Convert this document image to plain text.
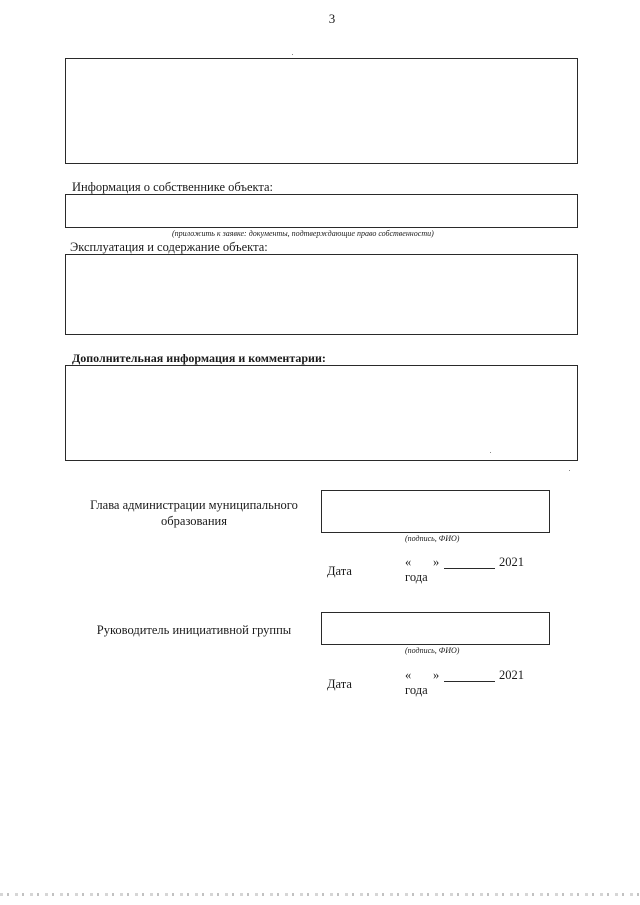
3
Информация о собственнике объекта:
(приложить к заявке: документы, подтверждающие право собственности)
Эксплуатация и содержание объекта:
Дополнительная информация и комментарии:
Глава администрации муниципального образования
(подпись, ФИО)
Дата
« »	2021
года
Руководитель инициативной группы
(подпись, ФИО)
Дата
« »	2021
года
